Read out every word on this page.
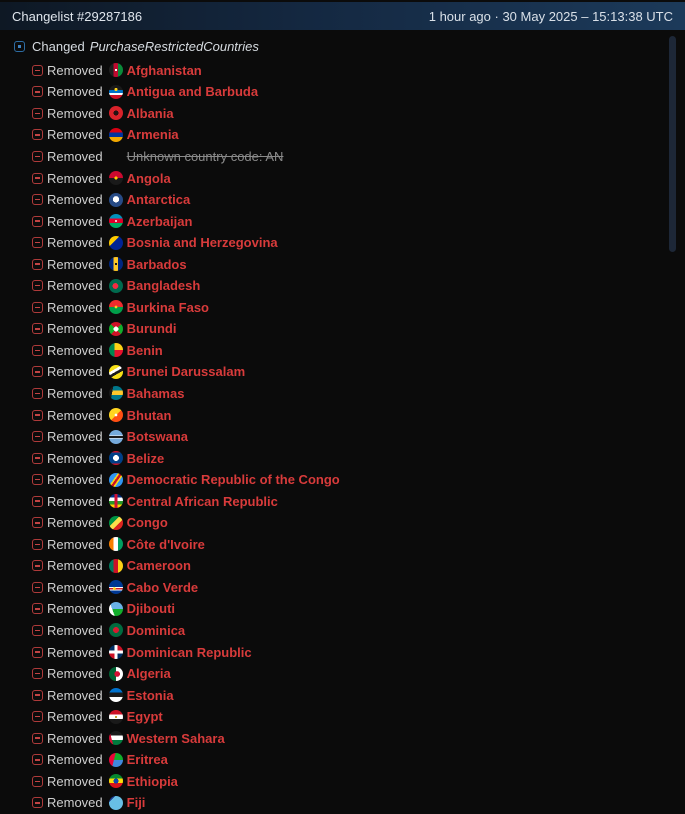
Changelist #29287186	1 hour ago · 30 May 2025 – 15:13:38 UTC
Changed PurchaseRestrictedCountries
Removed Afghanistan
Removed Antigua and Barbuda
Removed Albania
Removed Armenia
Removed Unknown country code: AN
Removed Angola
Removed Antarctica
Removed Azerbaijan
Removed Bosnia and Herzegovina
Removed Barbados
Removed Bangladesh
Removed Burkina Faso
Removed Burundi
Removed Benin
Removed Brunei Darussalam
Removed Bahamas
Removed Bhutan
Removed Botswana
Removed Belize
Removed Democratic Republic of the Congo
Removed Central African Republic
Removed Congo
Removed Côte d'Ivoire
Removed Cameroon
Removed Cabo Verde
Removed Djibouti
Removed Dominica
Removed Dominican Republic
Removed Algeria
Removed Estonia
Removed Egypt
Removed Western Sahara
Removed Eritrea
Removed Ethiopia
Removed Fiji
